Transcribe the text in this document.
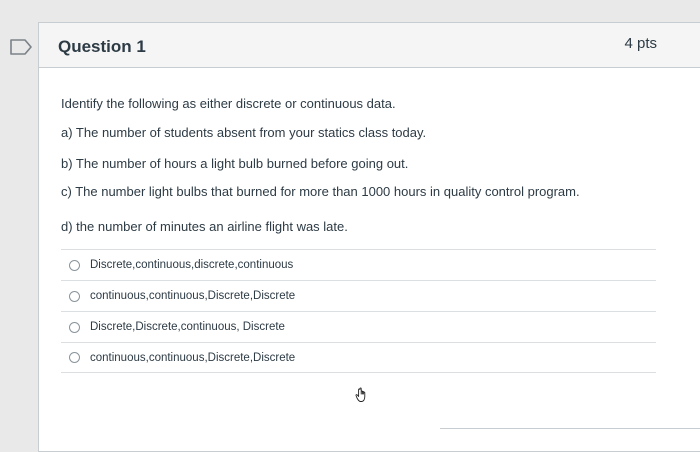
Question 1	4 pts
Identify the following as either discrete or continuous data.
a) The number of students absent from your statics class today.
b) The number of hours a light bulb burned before going out.
c) The number light bulbs that burned for more than 1000 hours in quality control program.
d) the number of minutes an airline flight was late.
Discrete,continuous,discrete,continuous
continuous,continuous,Discrete,Discrete
Discrete,Discrete,continuous, Discrete
continuous,continuous,Discrete,Discrete
